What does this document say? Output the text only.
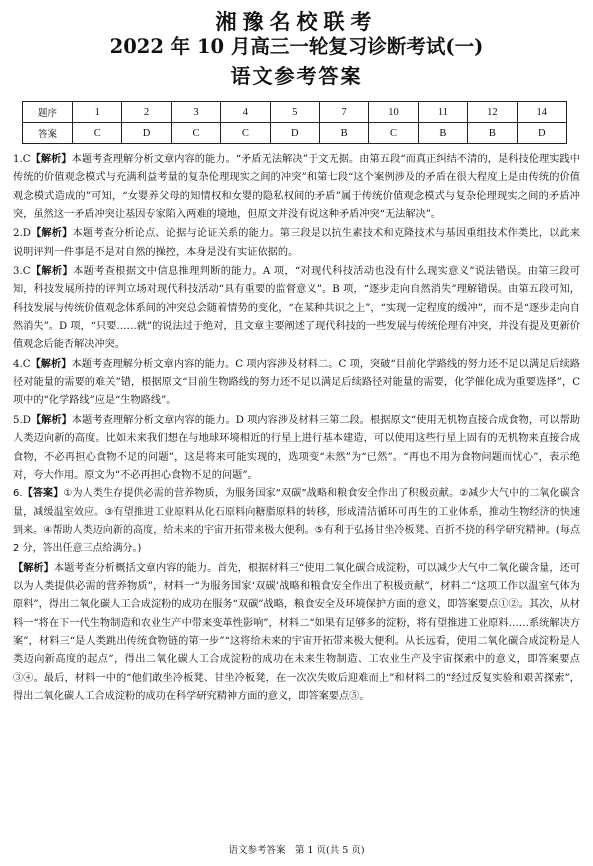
湘豫名校联考
2022 年 10 月高三一轮复习诊断考试(一)
语文参考答案
题序	1	2	3	4	5	7	10	11	12	14
答案	C	D	C	C	D	B	C	B	B	D

1.C【解析】本题考查理解分析文章内容的能力。“矛盾无法解决”于文无据。由第五段“而真正纠结不清的，是科技伦理实践中传统的价值观念模式与充满利益考量的复杂伦理现实之间的冲突”和第七段“这个案例涉及的矛盾在很大程度上是由传统的价值观念模式造成的”可知，“女婴养父母的知情权和女婴的隐私权间的矛盾”属于传统价值观念模式与复杂伦理现实之间的矛盾冲突，虽然这一矛盾冲突让基因专家陷入两难的境地，但原文并没有说这种矛盾冲突“无法解决”。

2.D【解析】本题考查分析论点、论据与论证关系的能力。第三段是以抗生素技术和克隆技术与基因重组技术作类比，以此来说明评判一件事是不是对自然的操控，本身是没有实证依据的。

3.C【解析】本题考查根据文中信息推理判断的能力。A 项，“对现代科技活动也没有什么现实意义”说法错误。由第三段可知，科技发展所持的评判立场对现代科技活动“具有重要的监督意义”。B 项，“逐步走向自然消失”理解错误。由第五段可知，科技发展与传统价值观念体系间的冲突总会随着情势的变化，“在某种共识之上”，“实现一定程度的缓冲”，而不是“逐步走向自然消失”。D 项，“只要……就”的说法过于绝对，且文章主要阐述了现代科技的一些发展与传统伦理有冲突，并没有提及更新价值观念后能否解决冲突。

4.C【解析】本题考查理解分析文章内容的能力。C 项内容涉及材料二。C 项，突破“目前化学路线的努力还不足以满足后续路径对能量的需要的难关”错，根据原文“目前生物路线的努力还不足以满足后续路径对能量的需要，化学催化成为重要选择”，C 项中的“化学路线”应是“生物路线”。

5.D【解析】本题考查理解分析文章内容的能力。D 项内容涉及材料三第二段。根据原文“使用无机物直接合成食物，可以帮助人类迈向新的高度。比如未来我们想在与地球环境相近的行星上进行基本建造，可以使用这些行星上固有的无机物来直接合成食物，不必再担心食物不足的问题”，这是将来可能实现的，选项变“未然”为“已然”。“再也不用为食物问题而忧心”，表示绝对，夸大作用。原文为“不必再担心食物不足的问题”。

6.【答案】①为人类生存提供必需的营养物质，为服务国家“双碳”战略和粮食安全作出了积极贡献。②减少大气中的二氧化碳含量，减缓温室效应。③有望推进工业原料从化石原料向糖脂原料的转移，形成清洁循环可再生的工业体系，推动生物经济的快速到来。④帮助人类迈向新的高度，给未来的宇宙开拓带来极大便利。⑤有利于弘扬甘坐冷板凳、百折不挠的科学研究精神。(每点 2 分，答出任意三点给满分。)

【解析】本题考查分析概括文章内容的能力。首先，根据材料三“使用二氧化碳合成淀粉，可以减少大气中二氧化碳含量，还可以为人类提供必需的营养物质”，材料一“为服务国家‘双碳’战略和粮食安全作出了积极贡献”，材料二“这项工作以温室气体为原料”，得出二氧化碳人工合成淀粉的成功在服务“双碳”战略，粮食安全及环境保护方面的意义，即答案要点①②。其次，从材料一“将在下一代生物制造和农业生产中带来变革性影响”，材料二“如果有足够多的淀粉，将有望推进工业原料……系统解决方案”，材料三“是人类跳出传统食物链的第一步”“这将给未来的宇宙开拓带来极大便利。从长远看，使用二氧化碳合成淀粉是人类迈向新高度的起点”，得出二氧化碳人工合成淀粉的成功在未来生物制造、工农业生产及宇宙探索中的意义，即答案要点③④。最后，材料一中的“他们敢坐冷板凳、甘坐冷板凳，在一次次失败后迎难而上”和材料二的“经过反复实验和艰苦探索”，得出二氧化碳人工合成淀粉的成功在科学研究精神方面的意义，即答案要点⑤。

语文参考答案　第 1 页(共 5 页)
